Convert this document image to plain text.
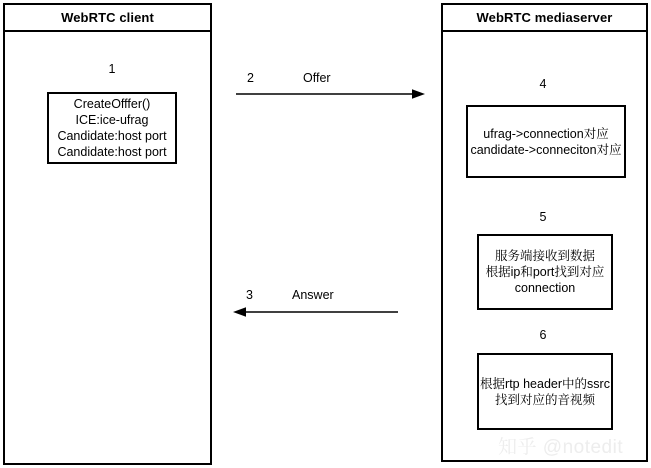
WebRTC client	WebRTC mediaserver
1
CreateOfffer()
ICE:ice-ufrag
Candidate:host port
Candidate:host port
4
ufrag->connection对应
candidate->conneciton对应
5
服务端接收到数据
根据ip和port找到对应
connection
6
根据rtp header中的ssrc
找到对应的音视频
2	Offer
3	Answer
知乎 @notedit
